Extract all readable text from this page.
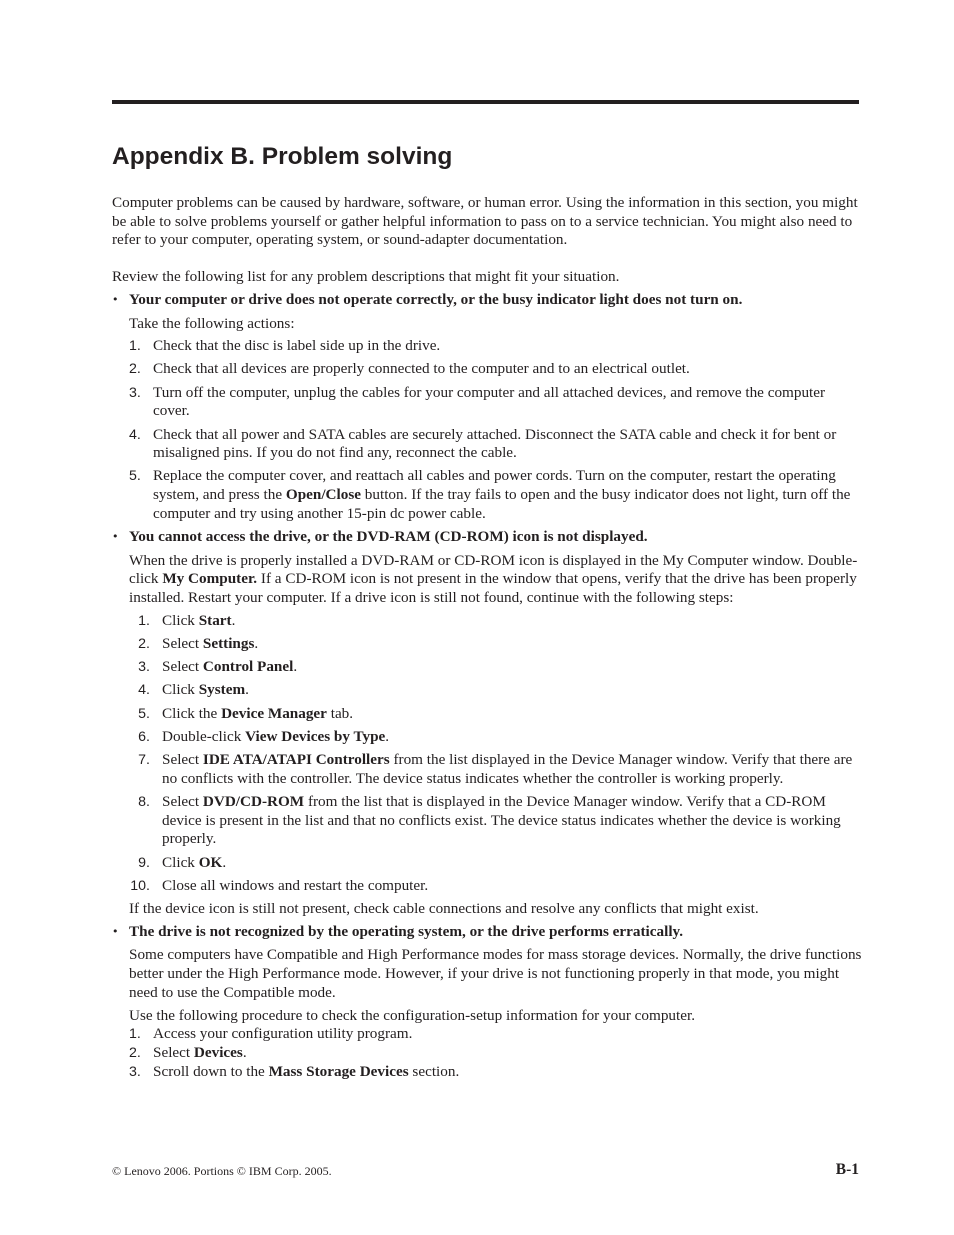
Appendix B. Problem solving

Computer problems can be caused by hardware, software, or human error. Using the information in this section, you might be able to solve problems yourself or gather helpful information to pass on to a service technician. You might also need to refer to your computer, operating system, or sound-adapter documentation.

Review the following list for any problem descriptions that might fit your situation.

• Your computer or drive does not operate correctly, or the busy indicator light does not turn on.

Take the following actions:

1. Check that the disc is label side up in the drive.
2. Check that all devices are properly connected to the computer and to an electrical outlet.
3. Turn off the computer, unplug the cables for your computer and all attached devices, and remove the computer cover.
4. Check that all power and SATA cables are securely attached. Disconnect the SATA cable and check it for bent or misaligned pins. If you do not find any, reconnect the cable.
5. Replace the computer cover, and reattach all cables and power cords. Turn on the computer, restart the operating system, and press the Open/Close button. If the tray fails to open and the busy indicator does not light, turn off the computer and try using another 15-pin dc power cable.
• You cannot access the drive, or the DVD-RAM (CD-ROM) icon is not displayed.

When the drive is properly installed a DVD-RAM or CD-ROM icon is displayed in the My Computer window. Double-click My Computer. If a CD-ROM icon is not present in the window that opens, verify that the drive has been properly installed. Restart your computer. If a drive icon is still not found, continue with the following steps:

1. Click Start.
2. Select Settings.
3. Select Control Panel.
4. Click System.
5. Click the Device Manager tab.
6. Double-click View Devices by Type.
7. Select IDE ATA/ATAPI Controllers from the list displayed in the Device Manager window. Verify that there are no conflicts with the controller. The device status indicates whether the controller is working properly.
8. Select DVD/CD-ROM from the list that is displayed in the Device Manager window. Verify that a CD-ROM device is present in the list and that no conflicts exist. The device status indicates whether the device is working properly.
9. Click OK.
10. Close all windows and restart the computer.

If the device icon is still not present, check cable connections and resolve any conflicts that might exist.

• The drive is not recognized by the operating system, or the drive performs erratically.

Some computers have Compatible and High Performance modes for mass storage devices. Normally, the drive functions better under the High Performance mode. However, if your drive is not functioning properly in that mode, you might need to use the Compatible mode.

Use the following procedure to check the configuration-setup information for your computer.

1. Access your configuration utility program.
2. Select Devices.
3. Scroll down to the Mass Storage Devices section.
© Lenovo 2006. Portions © IBM Corp. 2005.	B-1
